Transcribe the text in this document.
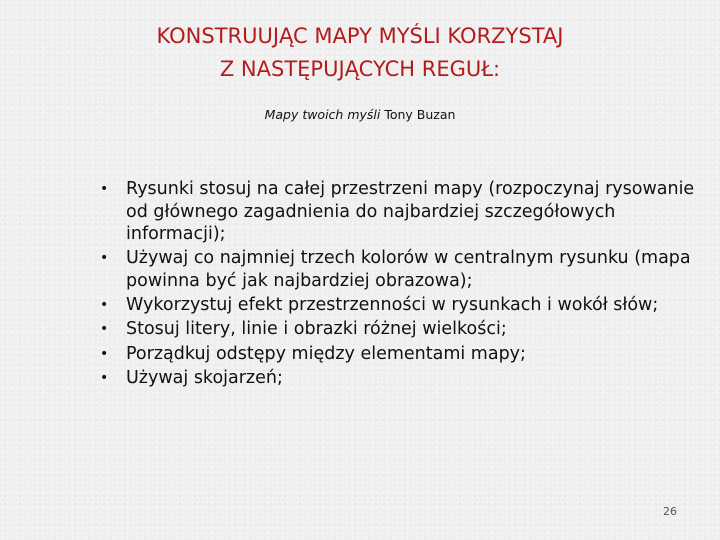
KONSTRUUJĄC MAPY MYŚLI KORZYSTAJ
Z NASTĘPUJĄCYCH REGUŁ:
Mapy twoich myśli Tony Buzan
• Rysunki stosuj na całej przestrzeni mapy (rozpoczynaj rysowanie od głównego zagadnienia do najbardziej szczegółowych informacji);
• Używaj co najmniej trzech kolorów w centralnym rysunku (mapa powinna być jak najbardziej obrazowa);
• Wykorzystuj efekt przestrzenności w rysunkach i wokół słów;
• Stosuj litery, linie i obrazki różnej wielkości;
• Porządkuj odstępy między elementami mapy;
• Używaj skojarzeń;
26
